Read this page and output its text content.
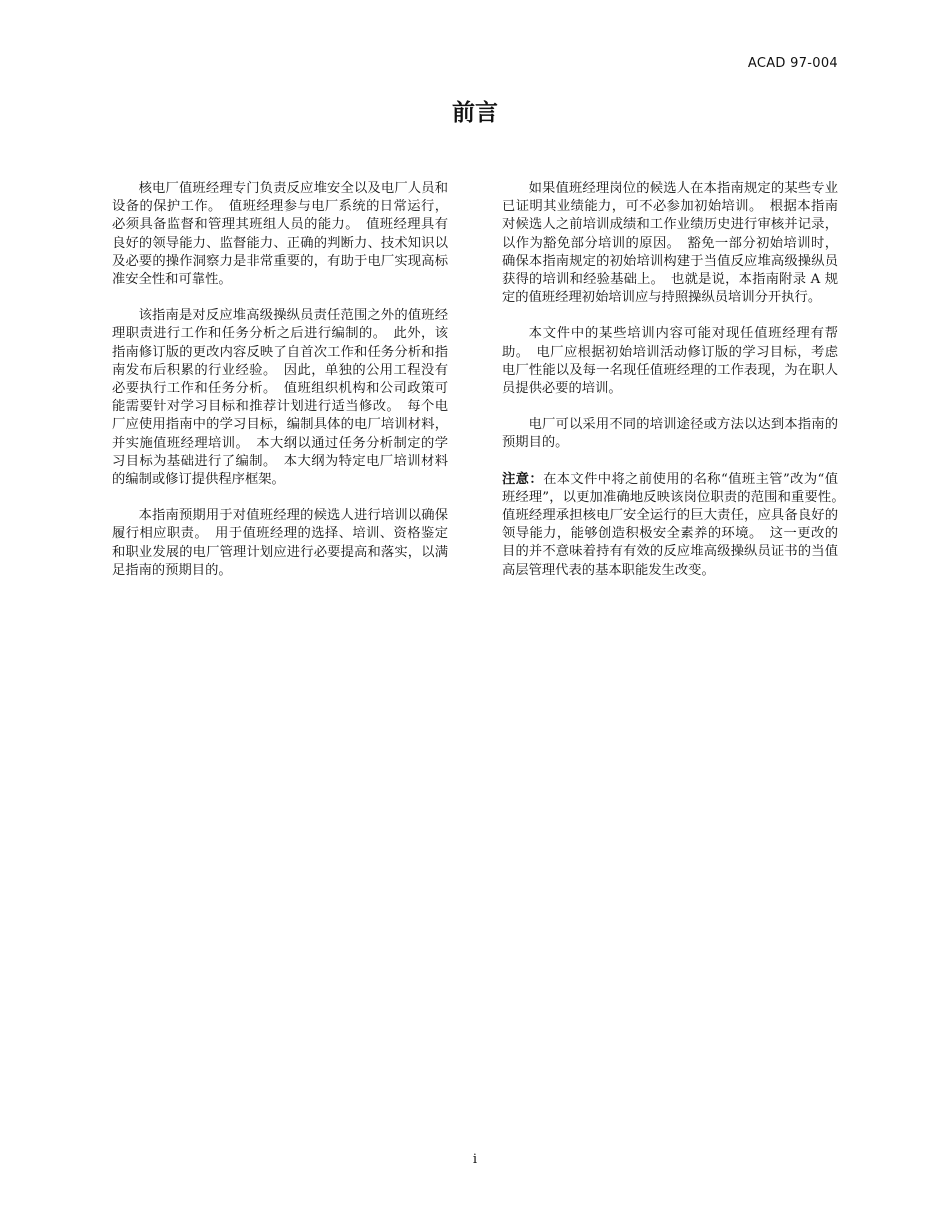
ACAD 97-004
前言

核电厂值班经理专门负责反应堆安全以及电厂人员和设备的保护工作。　值班经理参与电厂系统的日常运行，必须具备监督和管理其班组人员的能力。　值班经理具有良好的领导能力、监督能力、正确的判断力、技术知识以及必要的操作洞察力是非常重要的，有助于电厂实现高标准安全性和可靠性。

该指南是对反应堆高级操纵员责任范围之外的值班经理职责进行工作和任务分析之后进行编制的。　此外，该指南修订版的更改内容反映了自首次工作和任务分析和指南发布后积累的行业经验。　因此，单独的公用工程没有必要执行工作和任务分析。　值班组织机构和公司政策可能需要针对学习目标和推荐计划进行适当修改。　每个电厂应使用指南中的学习目标，编制具体的电厂培训材料，并实施值班经理培训。　本大纲以通过任务分析制定的学习目标为基础进行了编制。　本大纲为特定电厂培训材料的编制或修订提供程序框架。

本指南预期用于对值班经理的候选人进行培训以确保履行相应职责。　用于值班经理的选择、培训、资格鉴定和职业发展的电厂管理计划应进行必要提高和落实，以满足指南的预期目的。

如果值班经理岗位的候选人在本指南规定的某些专业已证明其业绩能力，可不必参加初始培训。　根据本指南对候选人之前培训成绩和工作业绩历史进行审核并记录，以作为豁免部分培训的原因。　豁免一部分初始培训时，确保本指南规定的初始培训构建于当值反应堆高级操纵员获得的培训和经验基础上。　也就是说，本指南附录 A 规定的值班经理初始培训应与持照操纵员培训分开执行。

本文件中的某些培训内容可能对现任值班经理有帮助。　电厂应根据初始培训活动修订版的学习目标，考虑电厂性能以及每一名现任值班经理的工作表现，为在职人员提供必要的培训。

电厂可以采用不同的培训途径或方法以达到本指南的预期目的。

注意：在本文件中将之前使用的名称“值班主管”改为“值班经理”，以更加准确地反映该岗位职责的范围和重要性。　值班经理承担核电厂安全运行的巨大责任，应具备良好的领导能力，能够创造积极安全素养的环境。　这一更改的目的并不意味着持有有效的反应堆高级操纵员证书的当值高层管理代表的基本职能发生改变。

i
